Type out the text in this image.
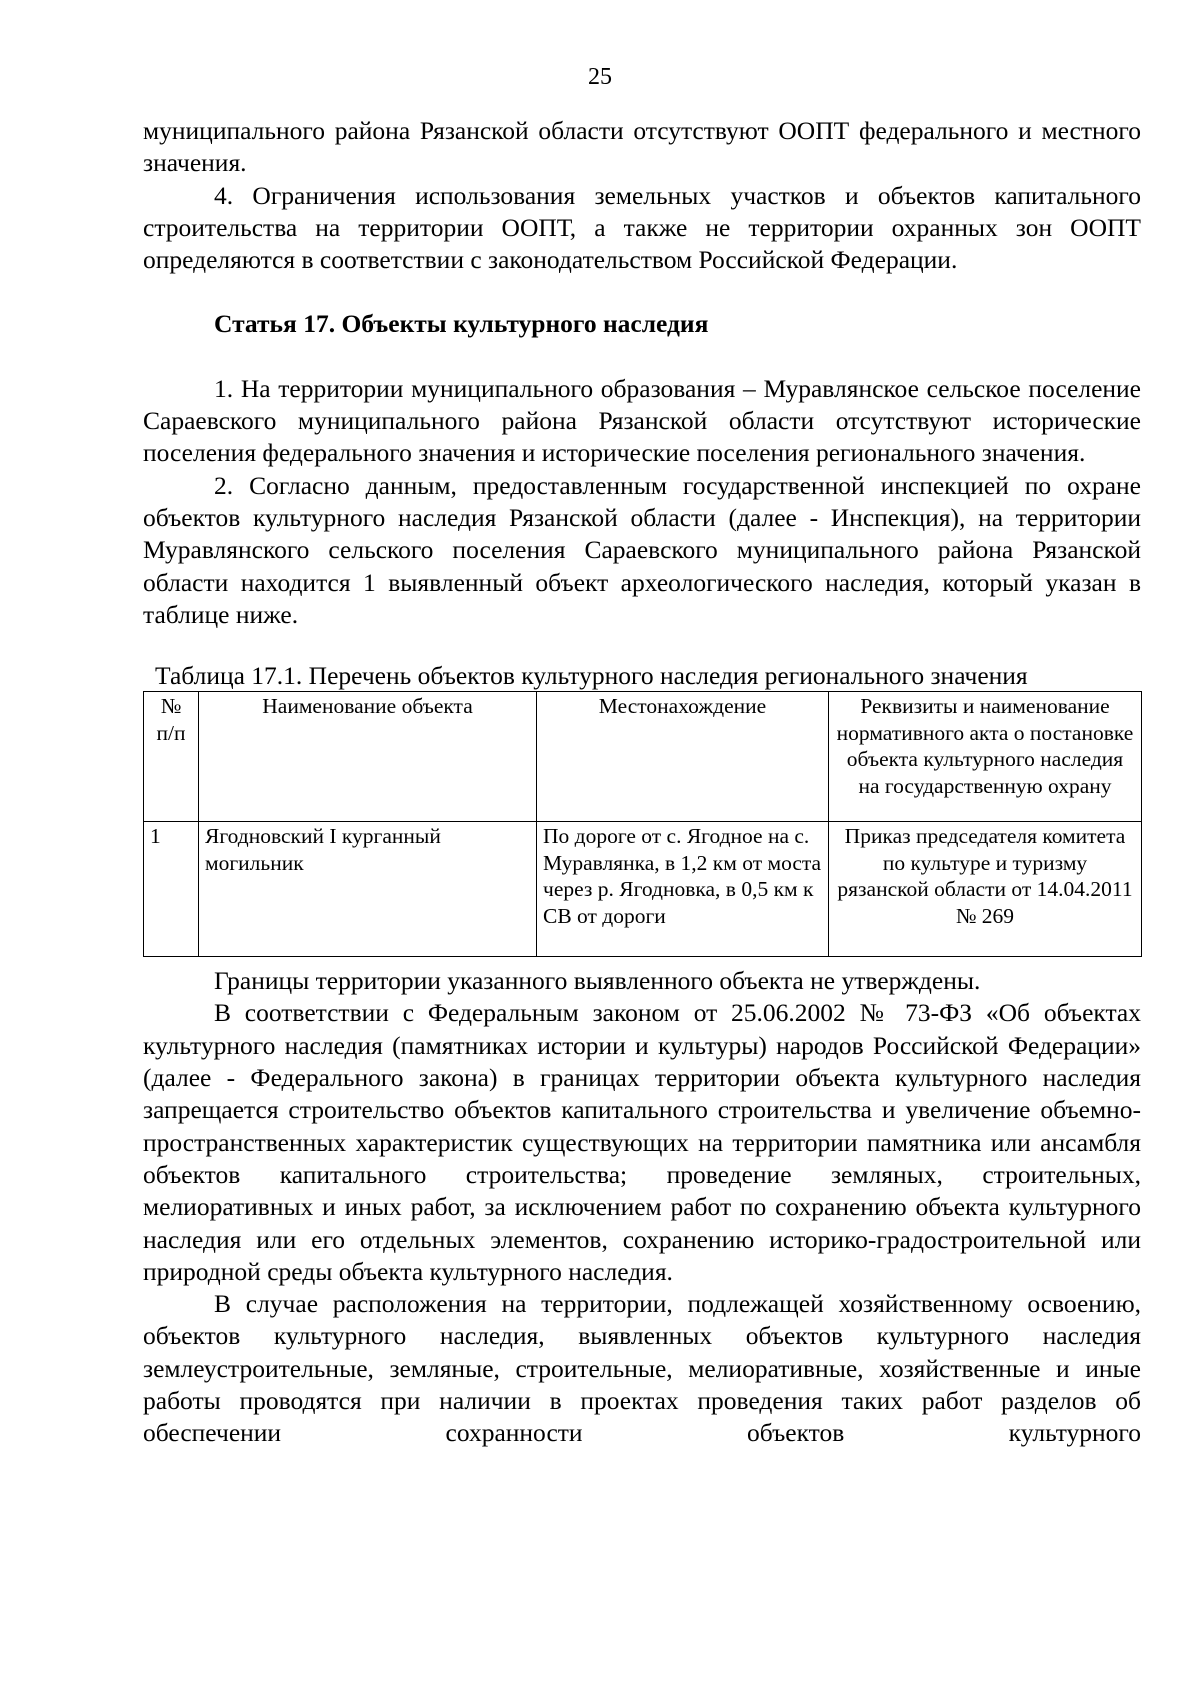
25

муниципального района Рязанской области отсутствуют ООПТ федерального и местного значения.

4. Ограничения использования земельных участков и объектов капитального строительства на территории ООПТ, а также не территории охранных зон ООПТ определяются в соответствии с законодательством Российской Федерации.

Статья 17. Объекты культурного наследия

1. На территории муниципального образования – Муравлянское сельское поселение Сараевского муниципального района Рязанской области отсутствуют исторические поселения федерального значения и исторические поселения регионального значения.

2. Согласно данным, предоставленным государственной инспекцией по охране объектов культурного наследия Рязанской области (далее - Инспекция), на территории Муравлянского сельского поселения Сараевского муниципального района Рязанской области находится 1 выявленный объект археологического наследия, который указан в таблице ниже.

Таблица 17.1. Перечень объектов культурного наследия регионального значения
№ п/п	Наименование объекта	Местонахождение	Реквизиты и наименование нормативного акта о постановке объекта культурного наследия на государственную охрану
1	Ягодновский I курганный могильник	По дороге от с. Ягодное на с. Муравлянка, в 1,2 км от моста через р. Ягодновка, в 0,5 км к СВ от дороги	Приказ председателя комитета по культуре и туризму рязанской области от 14.04.2011 № 269

Границы территории указанного выявленного объекта не утверждены.

В соответствии с Федеральным законом от 25.06.2002 № 73-ФЗ «Об объектах культурного наследия (памятниках истории и культуры) народов Российской Федерации» (далее - Федерального закона) в границах территории объекта культурного наследия запрещается строительство объектов капитального строительства и увеличение объемно-пространственных характеристик существующих на территории памятника или ансамбля объектов капитального строительства; проведение земляных, строительных, мелиоративных и иных работ, за исключением работ по сохранению объекта культурного наследия или его отдельных элементов, сохранению историко-градостроительной или природной среды объекта культурного наследия.

В случае расположения на территории, подлежащей хозяйственному освоению, объектов культурного наследия, выявленных объектов культурного наследия землеустроительные, земляные, строительные, мелиоративные, хозяйственные и иные работы проводятся при наличии в проектах проведения таких работ разделов об обеспечении сохранности объектов культурного
